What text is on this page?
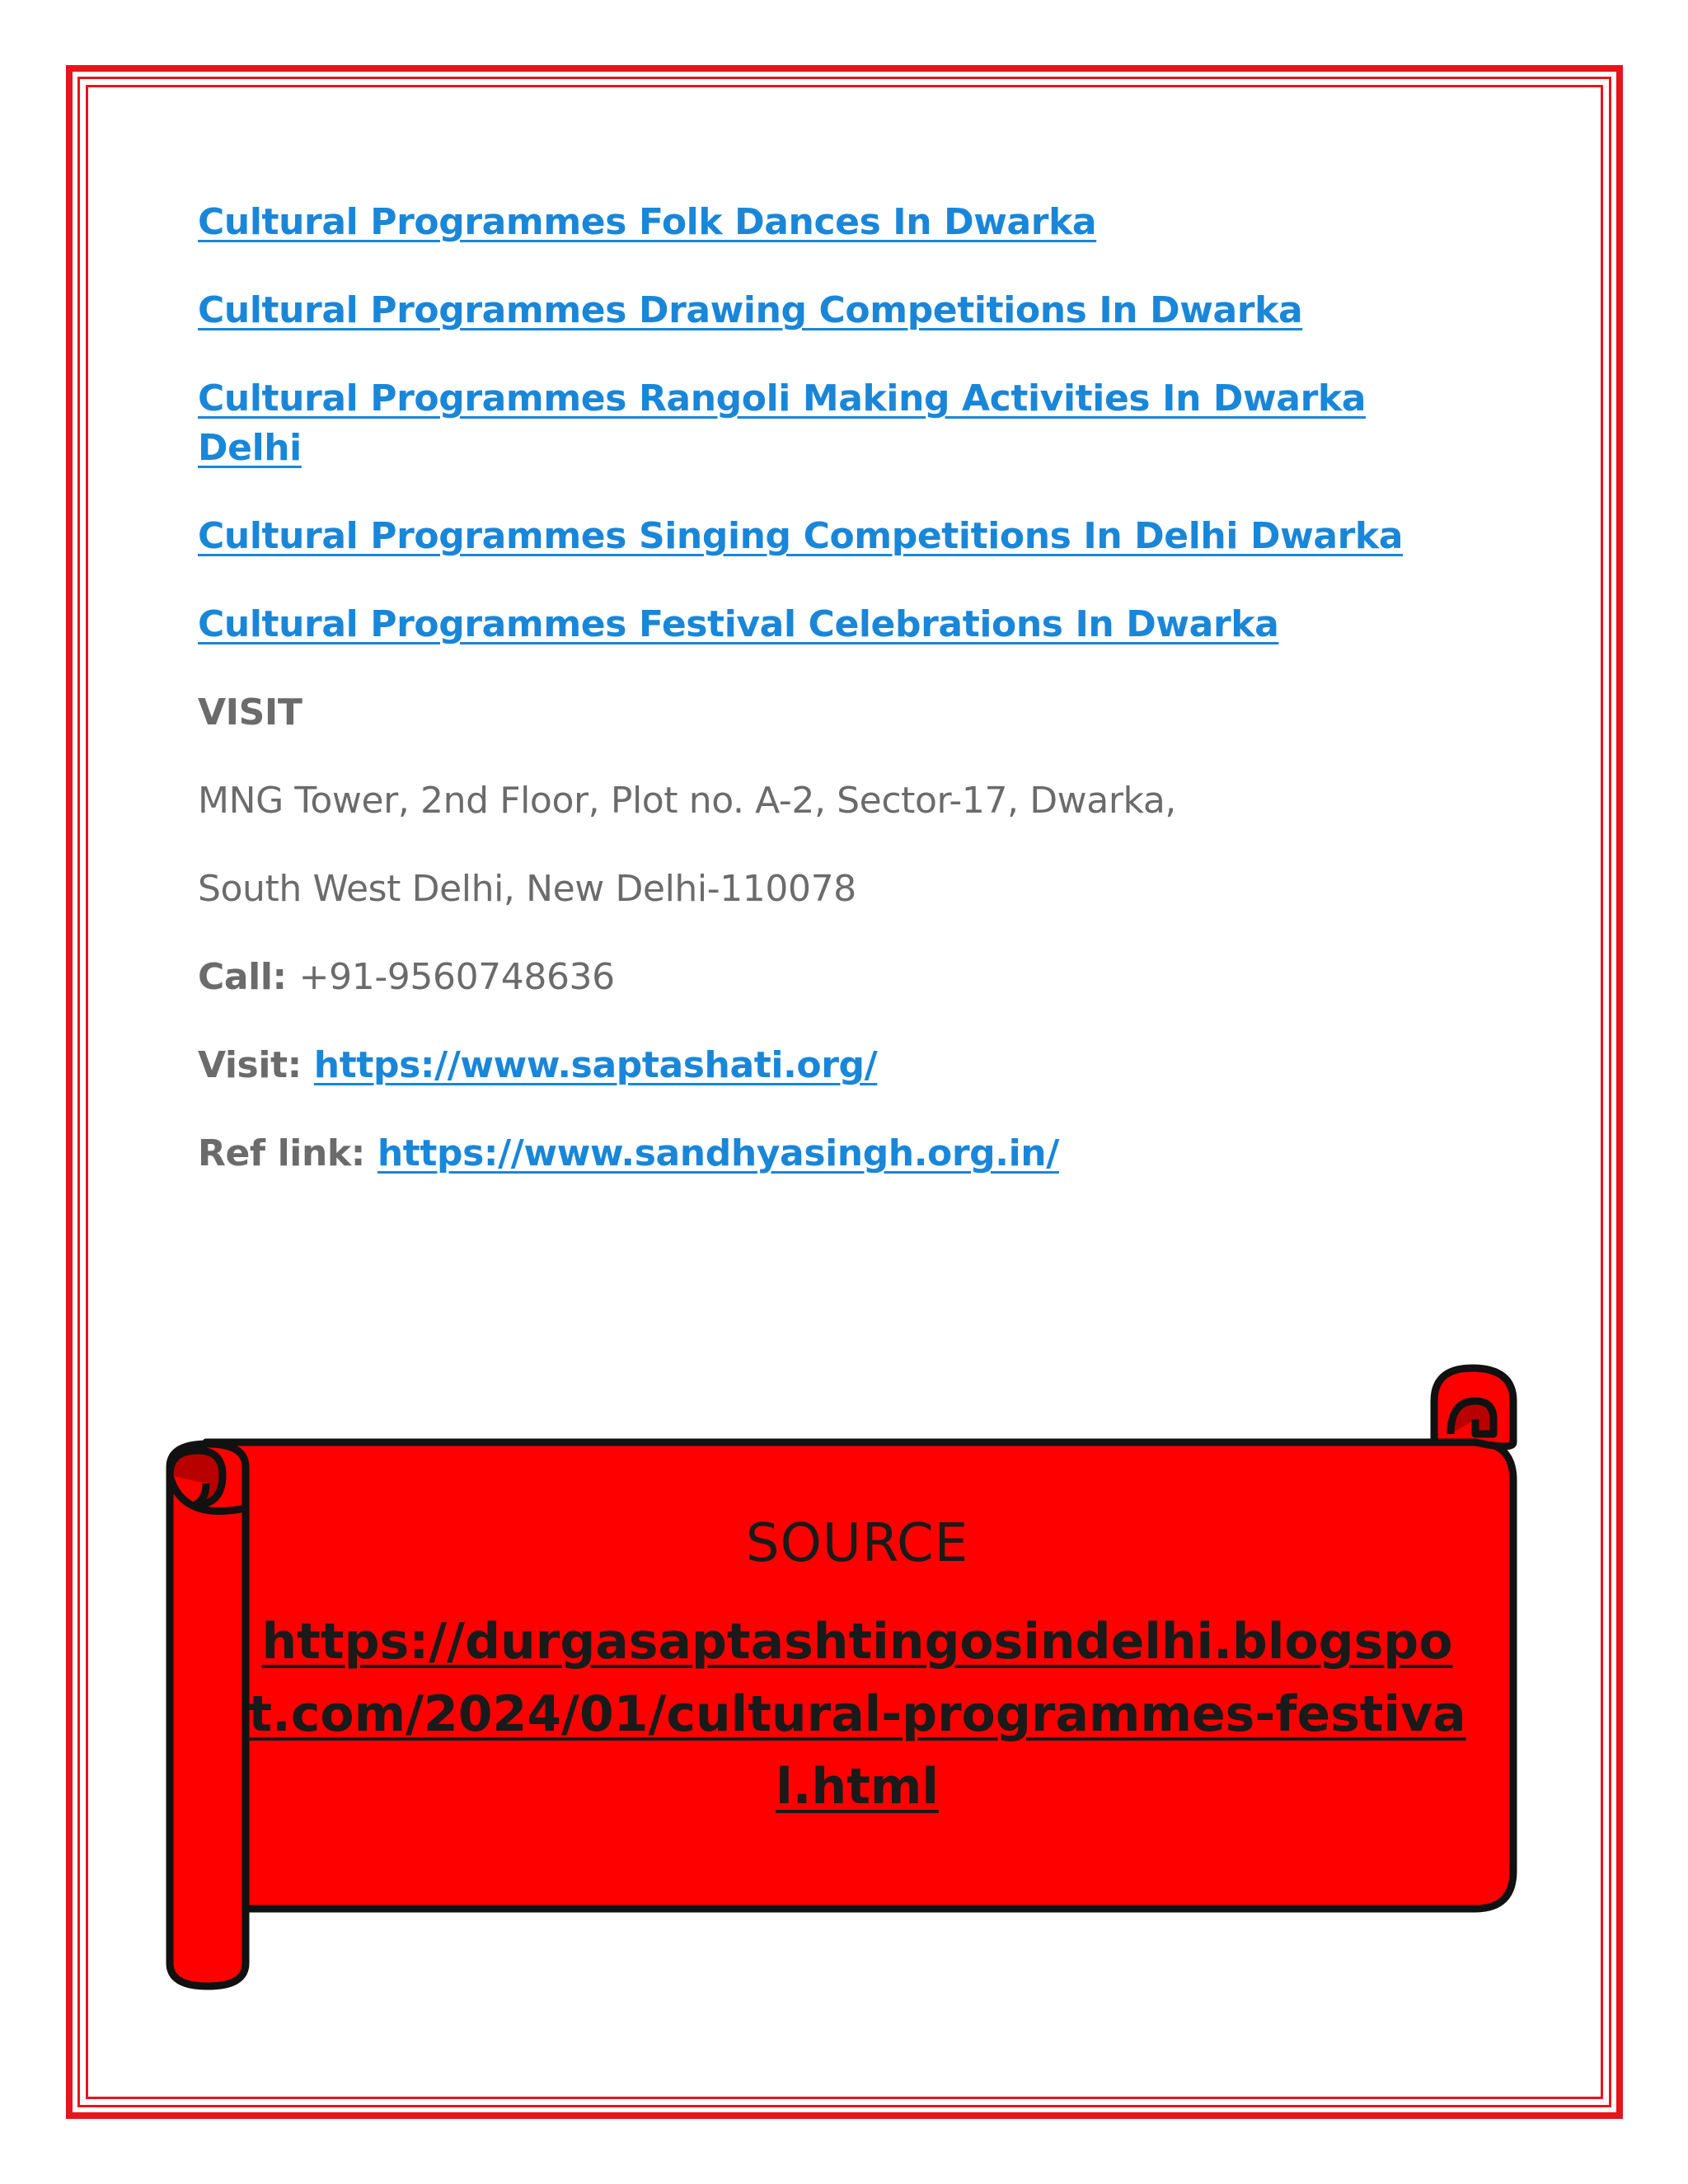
Cultural Programmes Folk Dances In Dwarka
Cultural Programmes Drawing Competitions In Dwarka
Cultural Programmes Rangoli Making Activities In Dwarka
Delhi
Cultural Programmes Singing Competitions In Delhi Dwarka
Cultural Programmes Festival Celebrations In Dwarka
VISIT
MNG Tower, 2nd Floor, Plot no. A-2, Sector-17, Dwarka,
South West Delhi, New Delhi-110078
Call: +91-9560748636
Visit: https://www.saptashati.org/
Ref link: https://www.sandhyasingh.org.in/
SOURCE
https://durgasaptashtingosindelhi.blogspot.com/2024/01/cultural-programmes-festival.html
